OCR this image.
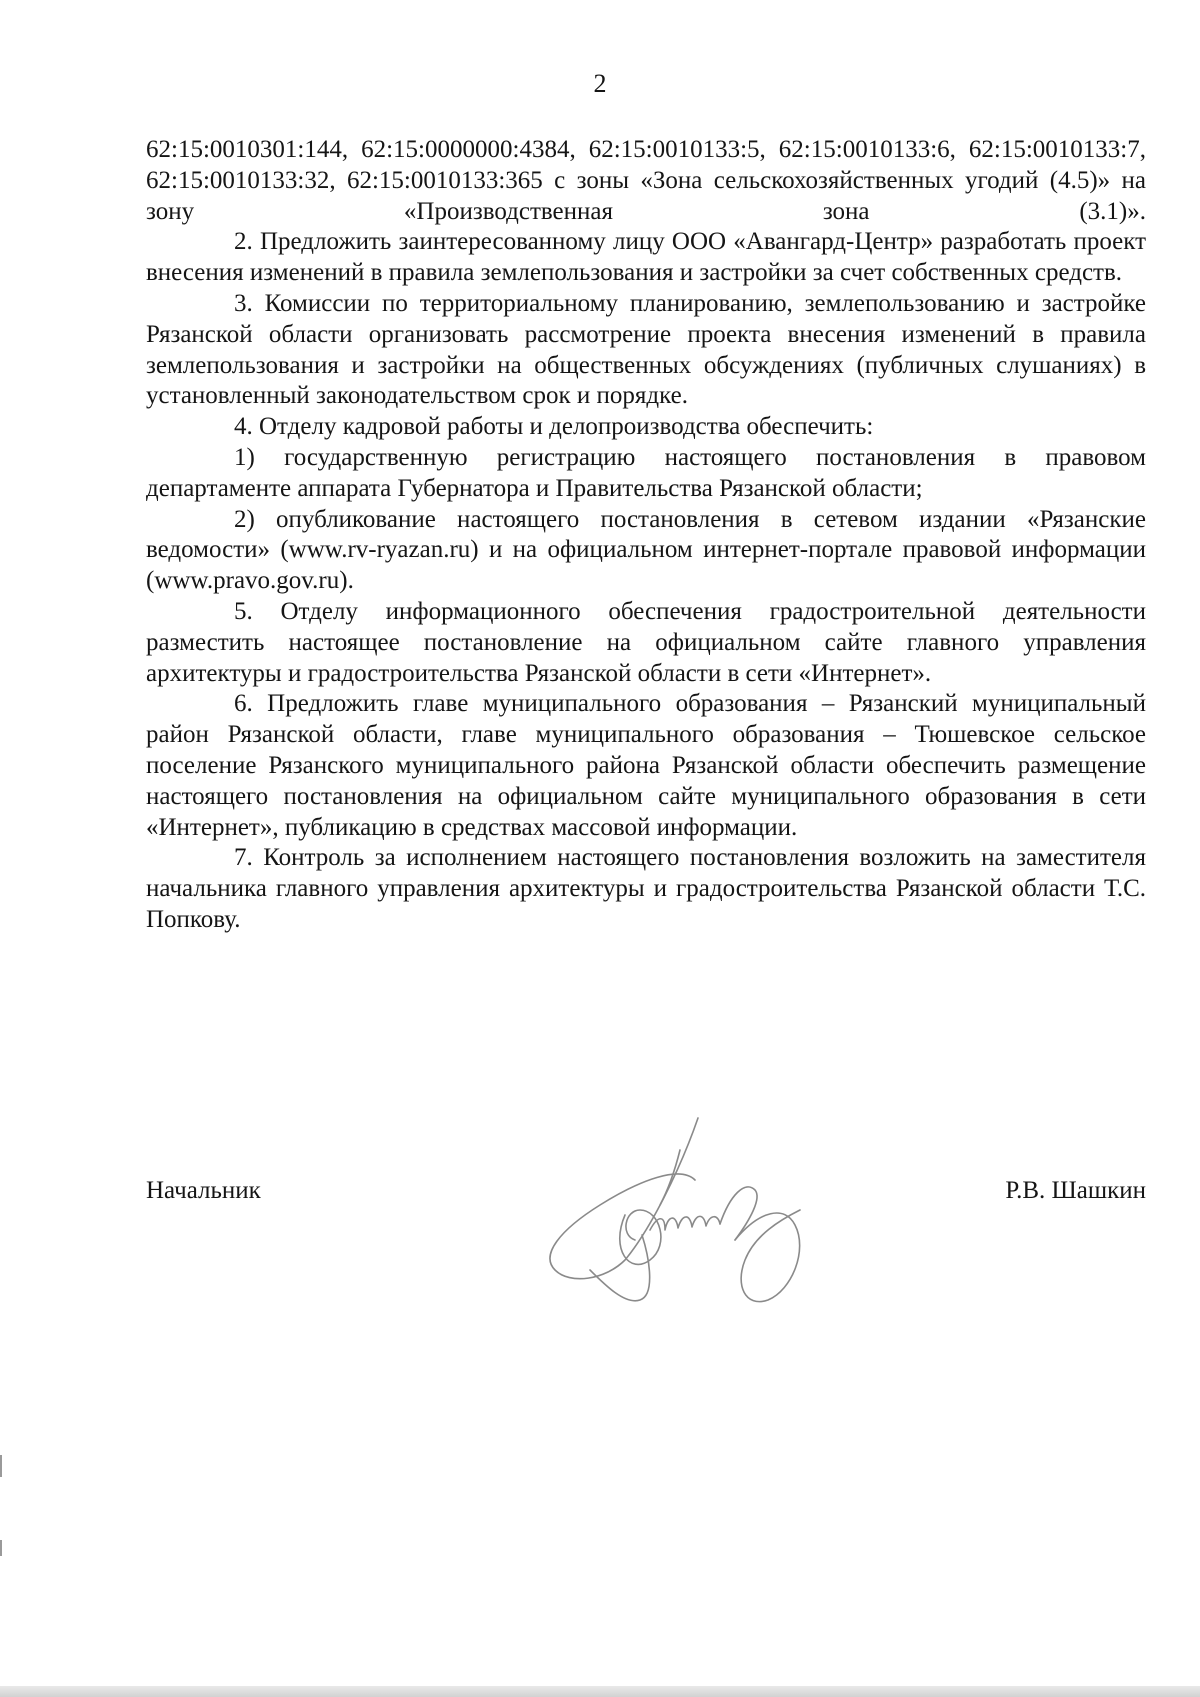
2

62:15:0010301:144, 62:15:0000000:4384, 62:15:0010133:5, 62:15:0010133:6, 62:15:0010133:7, 62:15:0010133:32, 62:15:0010133:365 с зоны «Зона сельскохозяйственных угодий (4.5)» на зону «Производственная зона (3.1)».

2. Предложить заинтересованному лицу ООО «Авангард-Центр» разработать проект внесения изменений в правила землепользования и застройки за счет собственных средств.

3. Комиссии по территориальному планированию, землепользованию и застройке Рязанской области организовать рассмотрение проекта внесения изменений в правила землепользования и застройки на общественных обсуждениях (публичных слушаниях) в установленный законодательством срок и порядке.

4. Отделу кадровой работы и делопроизводства обеспечить:

1) государственную регистрацию настоящего постановления в правовом департаменте аппарата Губернатора и Правительства Рязанской области;

2) опубликование настоящего постановления в сетевом издании «Рязанские ведомости» (www.rv-ryazan.ru) и на официальном интернет-портале правовой информации (www.pravo.gov.ru).

5. Отделу информационного обеспечения градостроительной деятельности разместить настоящее постановление на официальном сайте главного управления архитектуры и градостроительства Рязанской области в сети «Интернет».

6. Предложить главе муниципального образования – Рязанский муниципальный район Рязанской области, главе муниципального образования – Тюшевское сельское поселение Рязанского муниципального района Рязанской области обеспечить размещение настоящего постановления на официальном сайте муниципального образования в сети «Интернет», публикацию в средствах массовой информации.

7. Контроль за исполнением настоящего постановления возложить на заместителя начальника главного управления архитектуры и градостроительства Рязанской области Т.С. Попкову.

Начальник	Р.В. Шашкин
